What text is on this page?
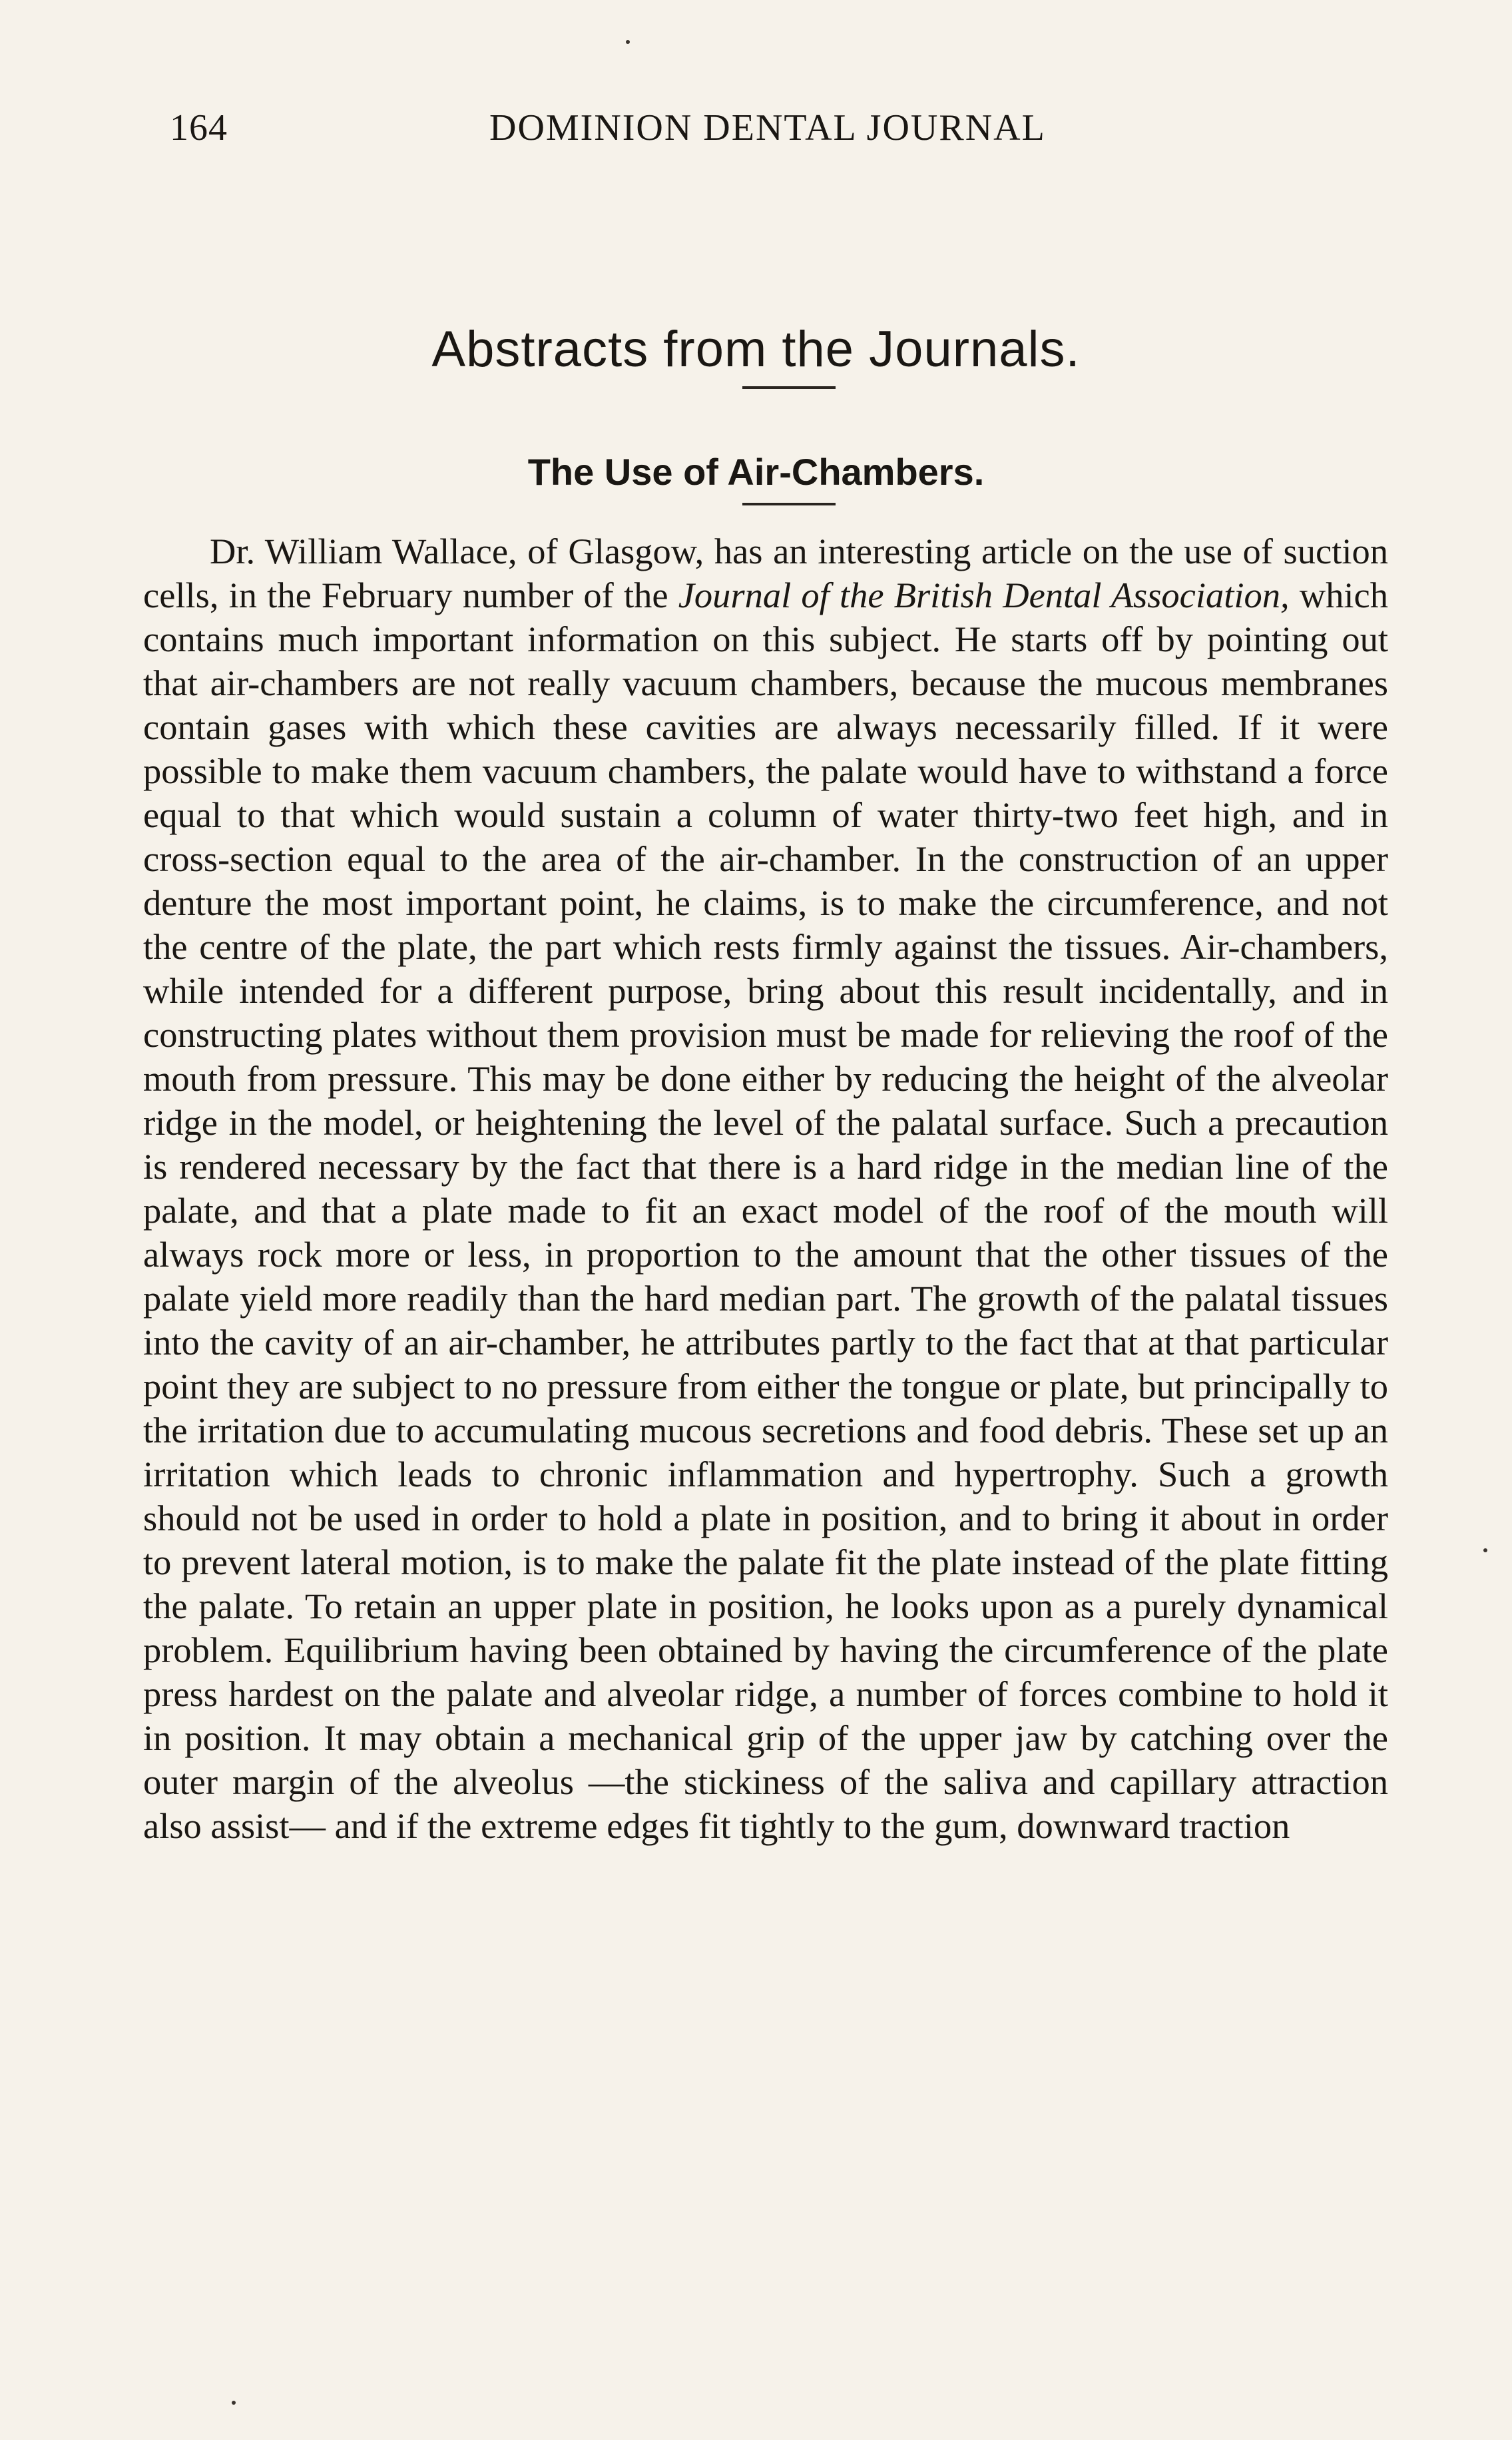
164	DOMINION DENTAL JOURNAL
Abstracts from the Journals.
The Use of Air-Chambers.

Dr. William Wallace, of Glasgow, has an interesting article on the use of suction cells, in the February number of the Journal of the British Dental Association, which contains much important information on this subject. He starts off by pointing out that air-chambers are not really vacuum chambers, because the mucous membranes contain gases with which these cavities are always necessarily filled. If it were possible to make them vacuum chambers, the palate would have to withstand a force equal to that which would sustain a column of water thirty-two feet high, and in cross-section equal to the area of the air-chamber. In the construction of an upper denture the most important point, he claims, is to make the circumference, and not the centre of the plate, the part which rests firmly against the tissues. Air-chambers, while intended for a different purpose, bring about this result incidentally, and in constructing plates without them provision must be made for relieving the roof of the mouth from pressure. This may be done either by reducing the height of the alveolar ridge in the model, or heightening the level of the palatal surface. Such a precaution is rendered necessary by the fact that there is a hard ridge in the median line of the palate, and that a plate made to fit an exact model of the roof of the mouth will always rock more or less, in proportion to the amount that the other tissues of the palate yield more readily than the hard median part. The growth of the palatal tissues into the cavity of an air-chamber, he attributes partly to the fact that at that particular point they are subject to no pressure from either the tongue or plate, but principally to the irritation due to accumulating mucous secretions and food debris. These set up an irritation which leads to chronic inflammation and hypertrophy. Such a growth should not be used in order to hold a plate in position, and to bring it about in order to prevent lateral motion, is to make the palate fit the plate instead of the plate fitting the palate. To retain an upper plate in position, he looks upon as a purely dynamical problem. Equilibrium having been obtained by having the circumference of the plate press hardest on the palate and alveolar ridge, a number of forces combine to hold it in position. It may obtain a mechanical grip of the upper jaw by catching over the outer margin of the alveolus —the stickiness of the saliva and capillary attraction also assist— and if the extreme edges fit tightly to the gum, downward traction
